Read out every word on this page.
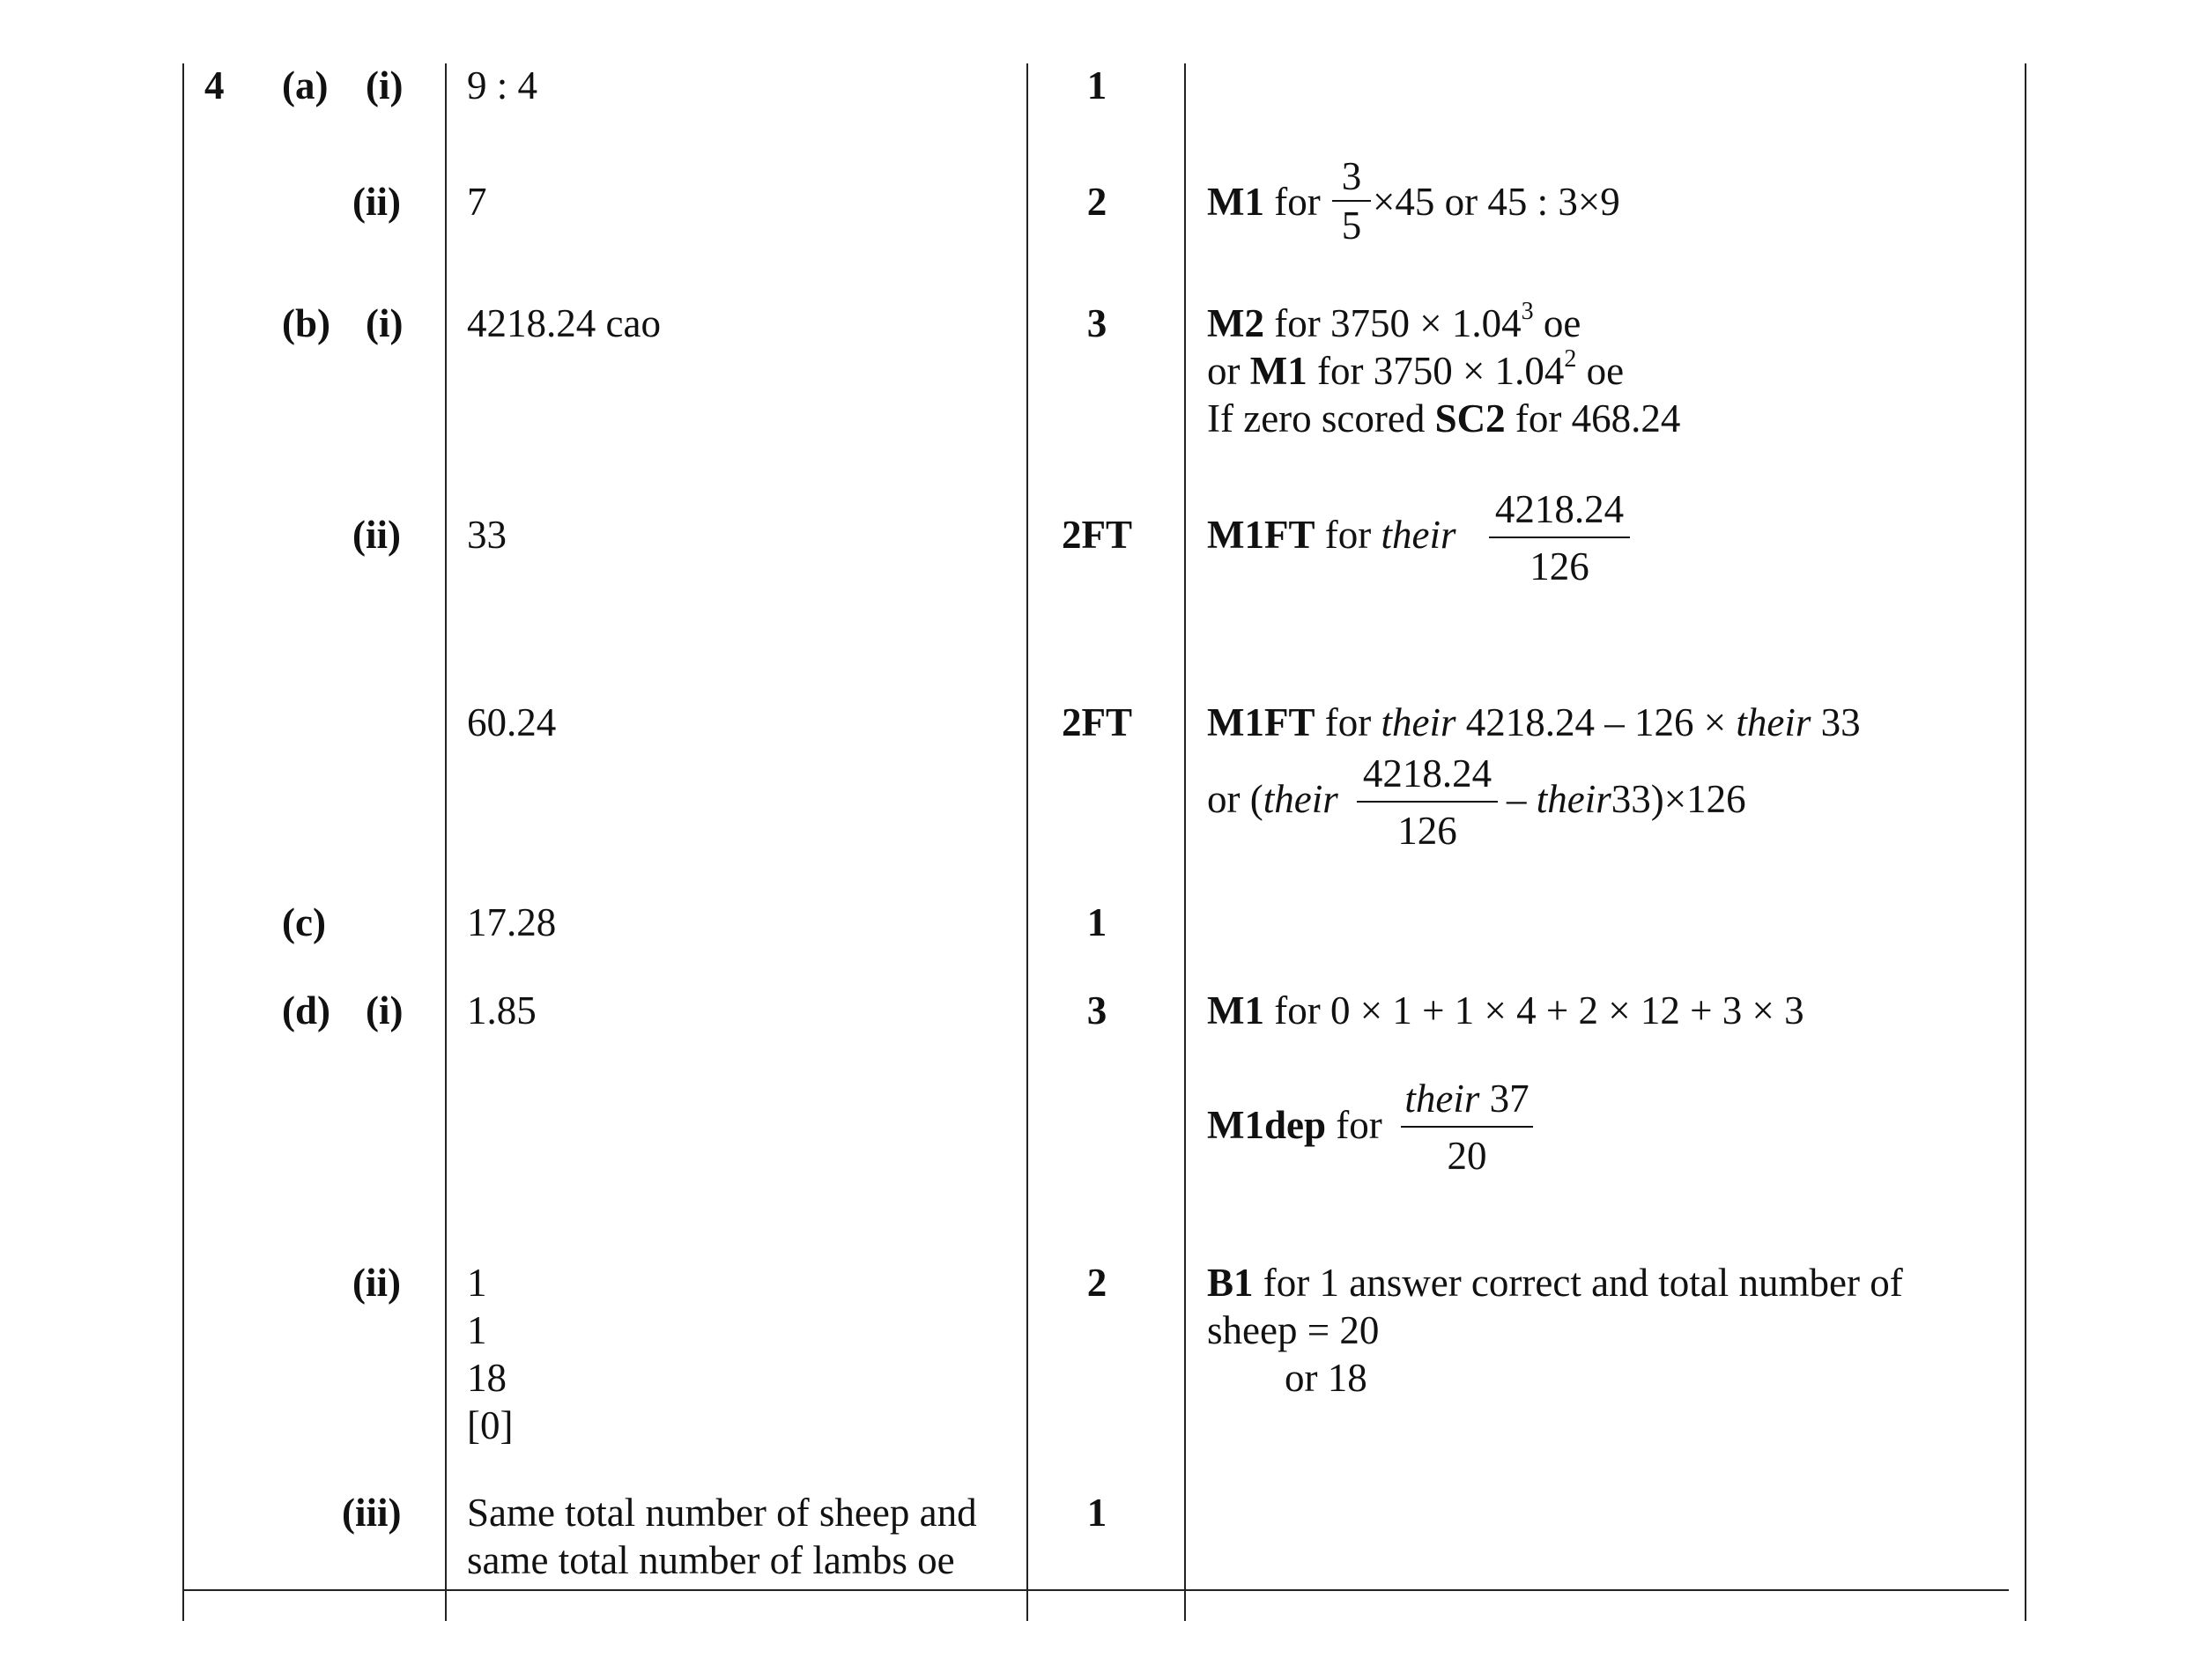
4 (a) (i)
(ii)
(b) (i)
(ii)
(c)
(d) (i)
(ii)
(iii)
9 : 4
7
4218.24 cao
33
60.24
17.28
1.85
1
1
18
[0]
Same total number of sheep and
same total number of lambs oe
1
2
3
2FT
2FT
1
3
2
1
M1 for
3
5
×45 or 45 : 3×9
M2 for $3750 \times 1.04^3$ oe
or M1 for $3750 \times 1.04^2$ oe
If zero scored SC2 for 468.24
M1FT for their
4218.24
126
M1FT for their 4218.24 – 126 × their 33
or (their
4218.24
126
– their33)×126
M1 for 0 × 1 + 1 × 4 + 2 × 12 + 3 × 3
M1dep for
their 37
20
B1 for 1 answer correct and total number of
sheep = 20
or 18
